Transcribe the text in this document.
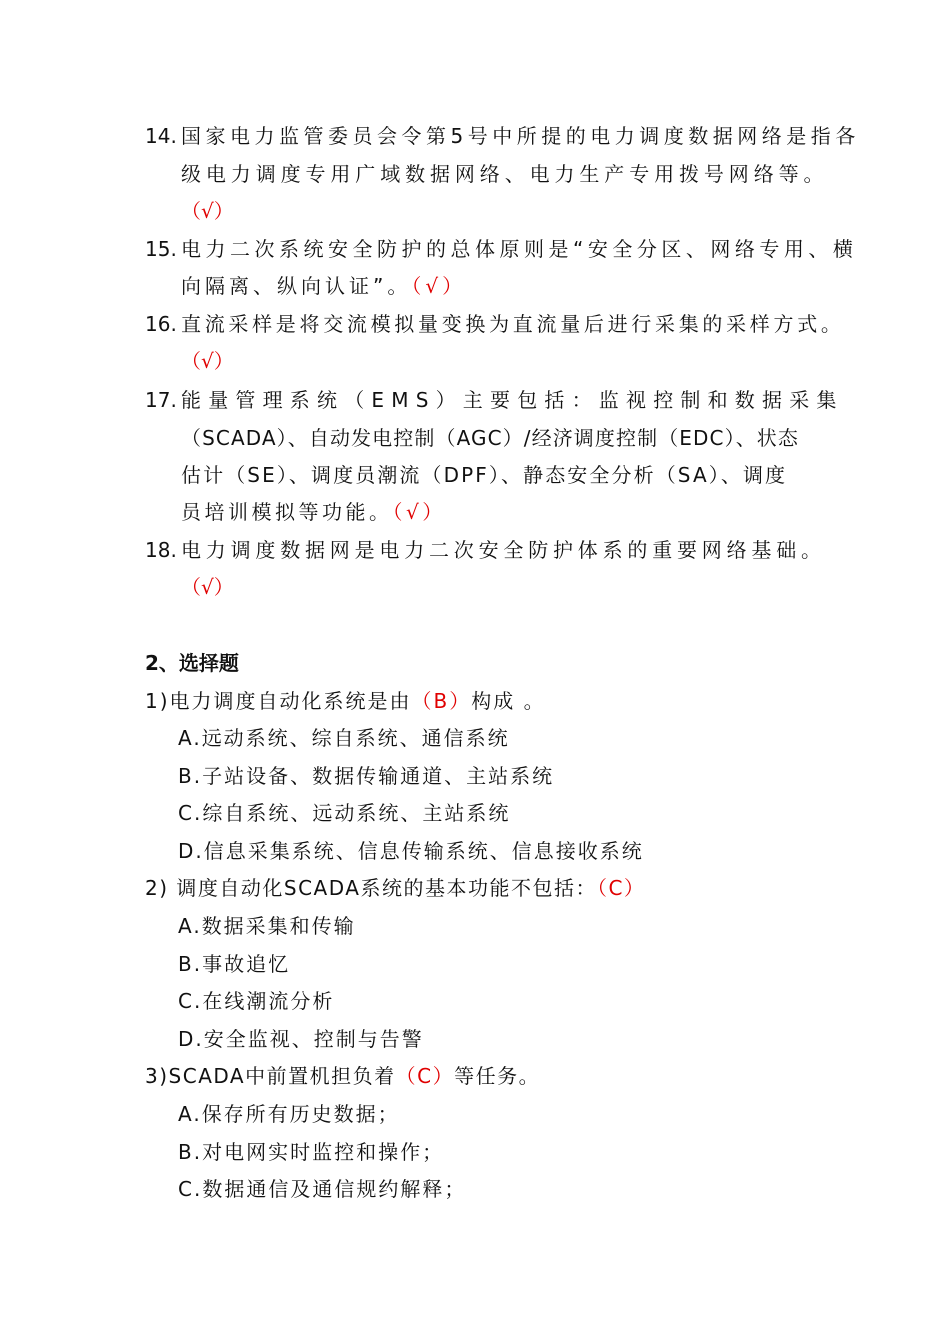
14. 国家电力监管委员会令第5号中所提的电力调度数据网络是指各
级电力调度专用广域数据网络、电力生产专用拨号网络等。
（√）
15. 电力二次系统安全防护的总体原则是“安全分区、网络专用、横
向隔离、纵向认证”。（√）
16. 直流采样是将交流模拟量变换为直流量后进行采集的采样方式。
（√）
17. 能量管理系统（EMS）主要包括：监视控制和数据采集
（SCADA）、自动发电控制（AGC）/经济调度控制（EDC）、状态
估计（SE）、调度员潮流（DPF）、静态安全分析（SA）、调度
员培训模拟等功能。（√）
18. 电力调度数据网是电力二次安全防护体系的重要网络基础。
（√）
2、选择题
1)电力调度自动化系统是由（B）构成 。
A.远动系统、综自系统、通信系统
B.子站设备、数据传输通道、主站系统
C.综自系统、远动系统、主站系统
D.信息采集系统、信息传输系统、信息接收系统
2) 调度自动化SCADA系统的基本功能不包括：（C）
A.数据采集和传输
B.事故追忆
C.在线潮流分析
D.安全监视、控制与告警
3)SCADA中前置机担负着（C）等任务。
A.保存所有历史数据；
B.对电网实时监控和操作；
C.数据通信及通信规约解释；
